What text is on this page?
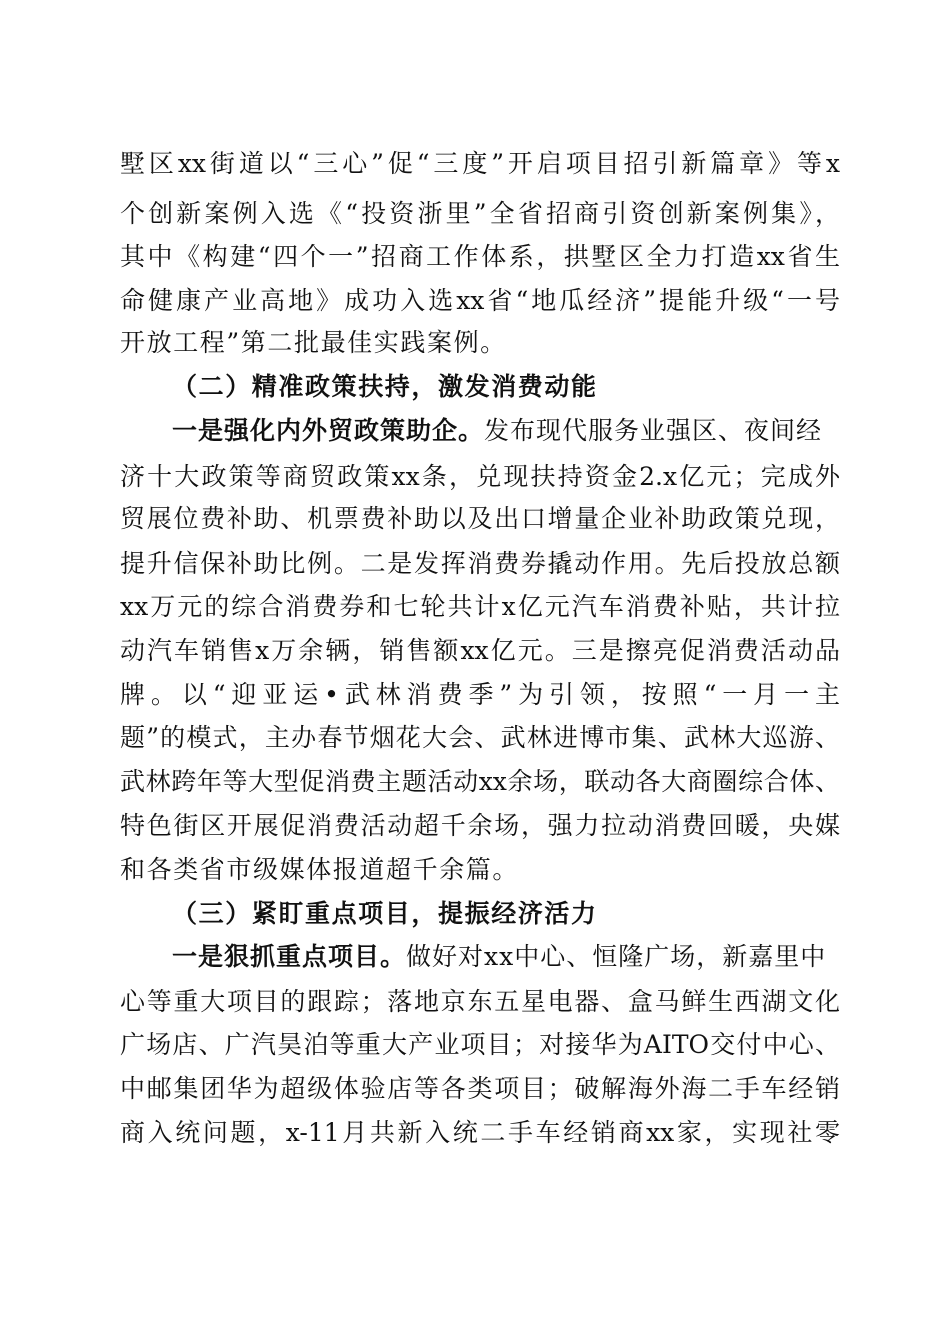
墅区xx街道以“三心”促“三度”开启项目招引新篇章》等x
个创新案例入选《“投资浙里”全省招商引资创新案例集》，
其中《构建“四个一”招商工作体系，拱墅区全力打造xx省生
命健康产业高地》成功入选xx省“地瓜经济”提能升级“一号
开放工程”第二批最佳实践案例。
（二）精准政策扶持，激发消费动能
一是强化内外贸政策助企。发布现代服务业强区、夜间经
济十大政策等商贸政策xx条，兑现扶持资金2.x亿元；完成外
贸展位费补助、机票费补助以及出口增量企业补助政策兑现，
提升信保补助比例。二是发挥消费券撬动作用。先后投放总额
xx万元的综合消费券和七轮共计x亿元汽车消费补贴，共计拉
动汽车销售x万余辆，销售额xx亿元。三是擦亮促消费活动品
牌。以“迎亚运•武林消费季”为引领，按照“一月一主
题”的模式，主办春节烟花大会、武林进博市集、武林大巡游、
武林跨年等大型促消费主题活动xx余场，联动各大商圈综合体、
特色街区开展促消费活动超千余场，强力拉动消费回暖，央媒
和各类省市级媒体报道超千余篇。
（三）紧盯重点项目，提振经济活力
一是狠抓重点项目。做好对xx中心、恒隆广场，新嘉里中
心等重大项目的跟踪；落地京东五星电器、盒马鲜生西湖文化
广场店、广汽昊泊等重大产业项目；对接华为AITO交付中心、
中邮集团华为超级体验店等各类项目；破解海外海二手车经销
商入统问题，x-11月共新入统二手车经销商xx家，实现社零
